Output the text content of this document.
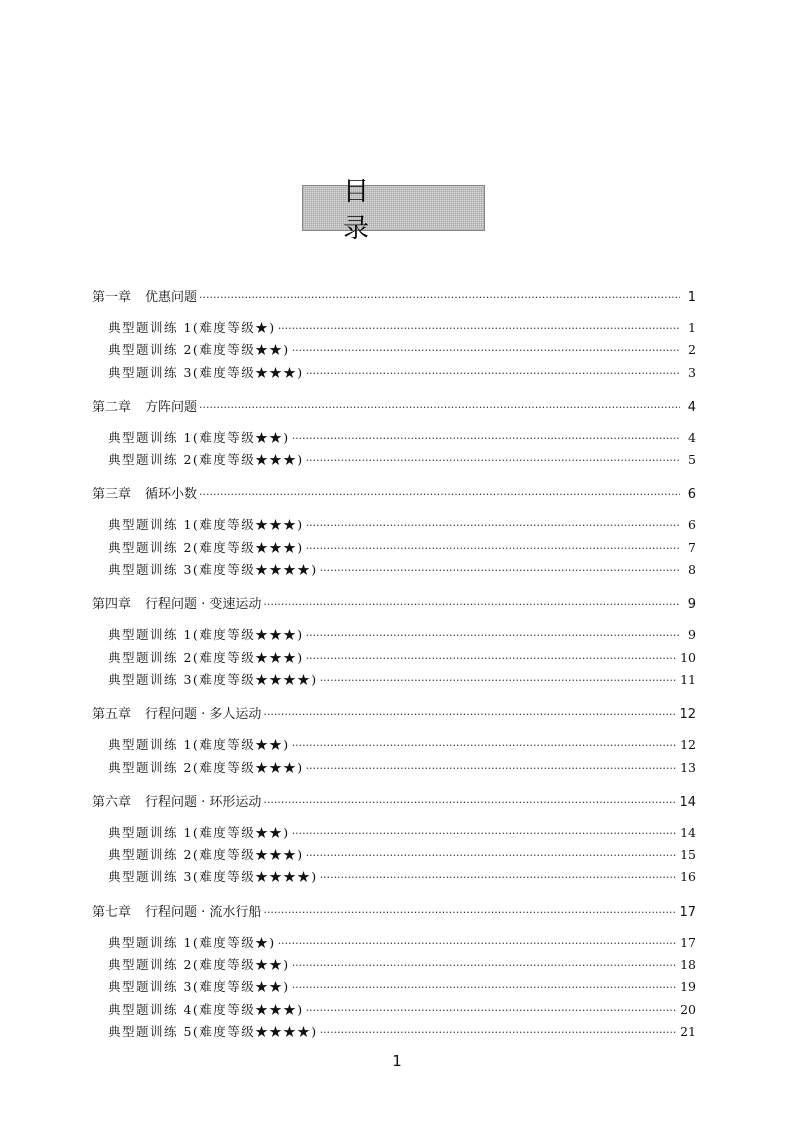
目 录
第一章 优惠问题 ·····	1
典型题训练 1(难度等级★) ·····	1
典型题训练 2(难度等级★★) ·····	2
典型题训练 3(难度等级★★★) ·····	3
第二章 方阵问题 ·····	4
典型题训练 1(难度等级★★) ·····	4
典型题训练 2(难度等级★★★) ·····	5
第三章 循环小数 ·····	6
典型题训练 1(难度等级★★★) ·····	6
典型题训练 2(难度等级★★★) ·····	7
典型题训练 3(难度等级★★★★) ·····	8
第四章 行程问题 · 变速运动 ·····	9
典型题训练 1(难度等级★★★) ·····	9
典型题训练 2(难度等级★★★) ·····	10
典型题训练 3(难度等级★★★★) ·····	11
第五章 行程问题 · 多人运动 ·····	12
典型题训练 1(难度等级★★) ·····	12
典型题训练 2(难度等级★★★) ·····	13
第六章 行程问题 · 环形运动 ·····	14
典型题训练 1(难度等级★★) ·····	14
典型题训练 2(难度等级★★★) ·····	15
典型题训练 3(难度等级★★★★) ·····	16
第七章 行程问题 · 流水行船 ·····	17
典型题训练 1(难度等级★) ·····	17
典型题训练 2(难度等级★★) ·····	18
典型题训练 3(难度等级★★) ·····	19
典型题训练 4(难度等级★★★) ·····	20
典型题训练 5(难度等级★★★★) ·····	21
1
